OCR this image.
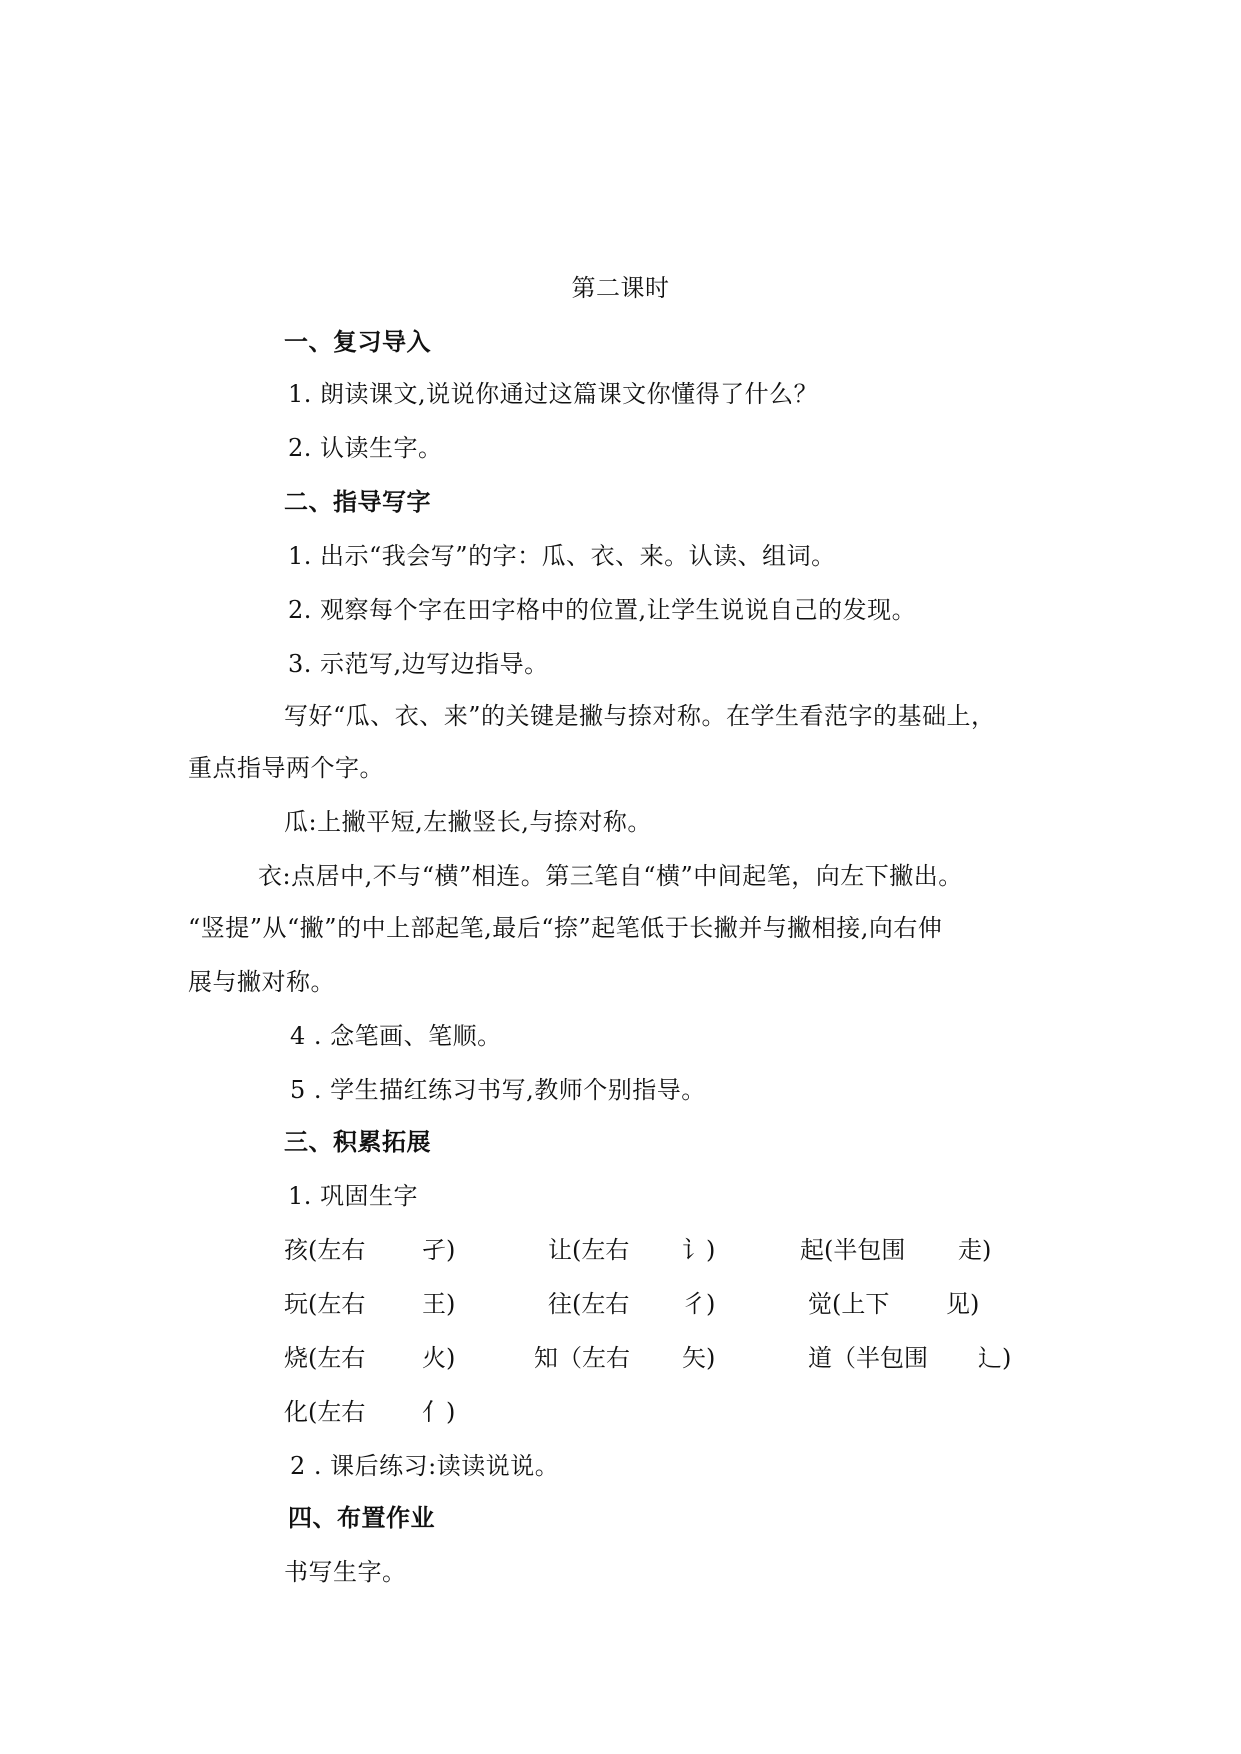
第二课时
一、复习导入
1. 朗读课文,说说你通过这篇课文你懂得了什么？
2. 认读生字。
二、指导写字
1. 出示“我会写”的字：瓜、衣、来。认读、组词。
2. 观察每个字在田字格中的位置,让学生说说自己的发现。
3. 示范写,边写边指导。
写好“瓜、衣、来”的关键是撇与捺对称。在学生看范字的基础上，
重点指导两个字。
瓜:上撇平短,左撇竖长,与捺对称。
衣:点居中,不与“横”相连。第三笔自“横”中间起笔，向左下撇出。
“竖提”从“撇”的中上部起笔,最后“捺”起笔低于长撇并与撇相接,向右伸
展与撇对称。
4 . 念笔画、笔顺。
5 . 学生描红练习书写,教师个别指导。
三、积累拓展
1. 巩固生字
孩(左右 孑)	让(左右 讠)	起(半包围 走)
玩(左右 王)	往(左右 彳)	觉(上下 见)
烧(左右 火)	知（左右 矢)	道（半包围 辶)
化(左右 亻)
2 . 课后练习:读读说说。
四、布置作业
书写生字。
